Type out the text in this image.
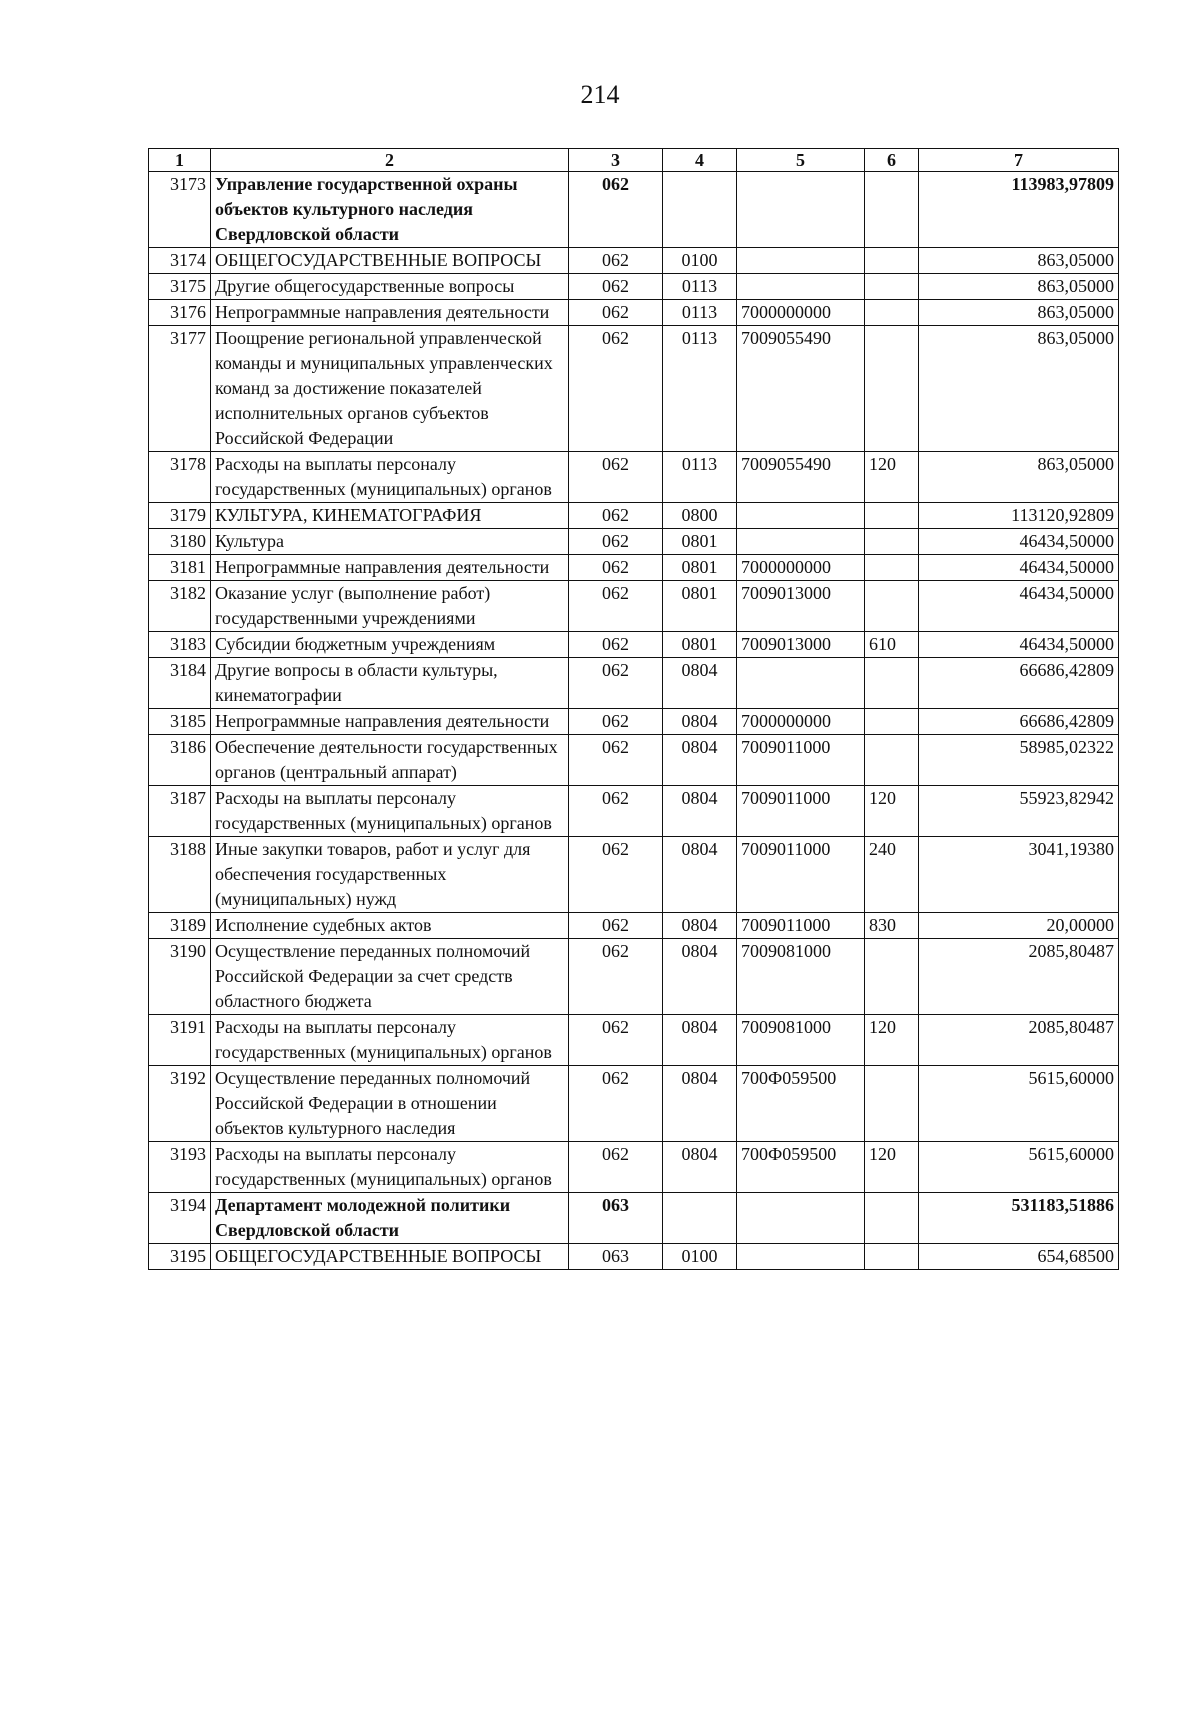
214
1	2	3	4	5	6	7
3173	Управление государственной охраны объектов культурного наследия Свердловской области	062				113983,97809
3174	ОБЩЕГОСУДАРСТВЕННЫЕ ВОПРОСЫ	062	0100			863,05000
3175	Другие общегосударственные вопросы	062	0113			863,05000
3176	Непрограммные направления деятельности	062	0113	7000000000		863,05000
3177	Поощрение региональной управленческой команды и муниципальных управленческих команд за достижение показателей исполнительных органов субъектов Российской Федерации	062	0113	7009055490		863,05000
3178	Расходы на выплаты персоналу государственных (муниципальных) органов	062	0113	7009055490	120	863,05000
3179	КУЛЬТУРА, КИНЕМАТОГРАФИЯ	062	0800			113120,92809
3180	Культура	062	0801			46434,50000
3181	Непрограммные направления деятельности	062	0801	7000000000		46434,50000
3182	Оказание услуг (выполнение работ) государственными учреждениями	062	0801	7009013000		46434,50000
3183	Субсидии бюджетным учреждениям	062	0801	7009013000	610	46434,50000
3184	Другие вопросы в области культуры, кинематографии	062	0804			66686,42809
3185	Непрограммные направления деятельности	062	0804	7000000000		66686,42809
3186	Обеспечение деятельности государственных органов (центральный аппарат)	062	0804	7009011000		58985,02322
3187	Расходы на выплаты персоналу государственных (муниципальных) органов	062	0804	7009011000	120	55923,82942
3188	Иные закупки товаров, работ и услуг для обеспечения государственных (муниципальных) нужд	062	0804	7009011000	240	3041,19380
3189	Исполнение судебных актов	062	0804	7009011000	830	20,00000
3190	Осуществление переданных полномочий Российской Федерации за счет средств областного бюджета	062	0804	7009081000		2085,80487
3191	Расходы на выплаты персоналу государственных (муниципальных) органов	062	0804	7009081000	120	2085,80487
3192	Осуществление переданных полномочий Российской Федерации в отношении объектов культурного наследия	062	0804	700Ф059500		5615,60000
3193	Расходы на выплаты персоналу государственных (муниципальных) органов	062	0804	700Ф059500	120	5615,60000
3194	Департамент молодежной политики Свердловской области	063				531183,51886
3195	ОБЩЕГОСУДАРСТВЕННЫЕ ВОПРОСЫ	063	0100			654,68500
